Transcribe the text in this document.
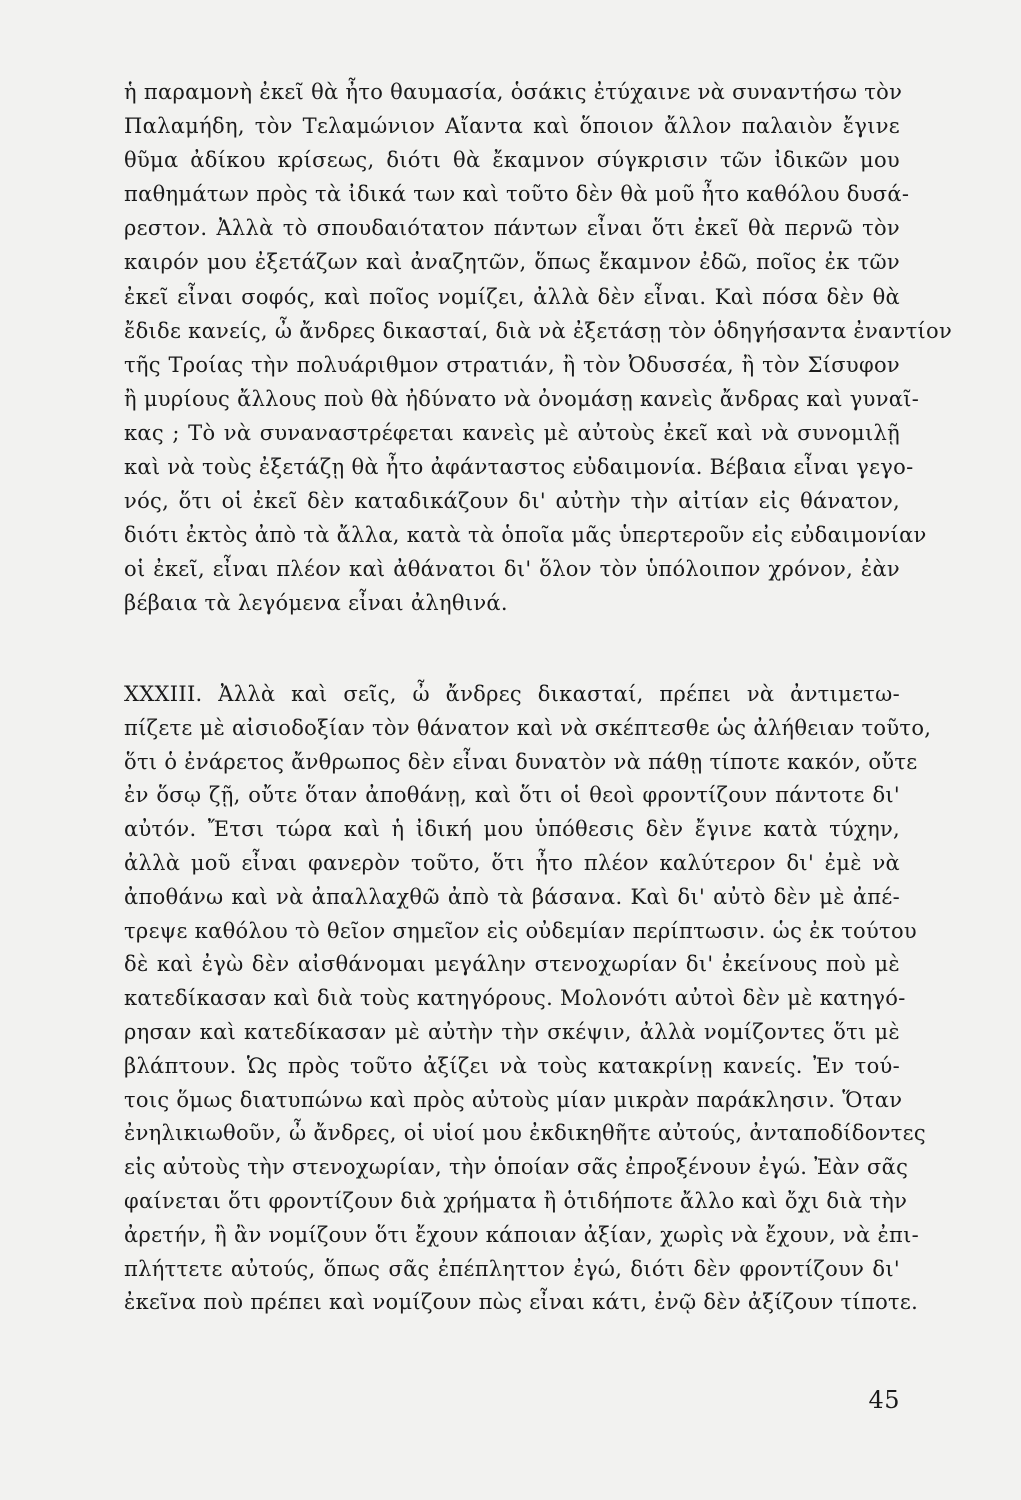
ἡ παραμονὴ ἐκεῖ θὰ ἦτο θαυμασία, ὁσάκις ἐτύχαινε νὰ συναντήσω τὸν
Παλαμήδη, τὸν Τελαμώνιον Αἴαντα καὶ ὅποιον ἄλλον παλαιὸν ἔγινε
θῦμα ἀδίκου κρίσεως, διότι θὰ ἔκαμνον σύγκρισιν τῶν ἰδικῶν μου
παθημάτων πρὸς τὰ ἰδικά των καὶ τοῦτο δὲν θὰ μοῦ ἦτο καθόλου δυσά-
ρεστον. Ἀλλὰ τὸ σπουδαιότατον πάντων εἶναι ὅτι ἐκεῖ θὰ περνῶ τὸν
καιρόν μου ἐξετάζων καὶ ἀναζητῶν, ὅπως ἔκαμνον ἐδῶ, ποῖος ἐκ τῶν
ἐκεῖ εἶναι σοφός, καὶ ποῖος νομίζει, ἀλλὰ δὲν εἶναι. Καὶ πόσα δὲν θὰ
ἔδιδε κανείς, ὦ ἄνδρες δικασταί, διὰ νὰ ἐξετάσῃ τὸν ὁδηγήσαντα ἐναντίον
τῆς Τροίας τὴν πολυάριθμον στρατιάν, ἢ τὸν Ὀδυσσέα, ἢ τὸν Σίσυφον
ἢ μυρίους ἄλλους ποὺ θὰ ἠδύνατο νὰ ὀνομάσῃ κανεὶς ἄνδρας καὶ γυναῖ-
κας ; Τὸ νὰ συναναστρέφεται κανεὶς μὲ αὐτοὺς ἐκεῖ καὶ νὰ συνομιλῇ
καὶ νὰ τοὺς ἐξετάζῃ θὰ ἦτο ἀφάνταστος εὐδαιμονία. Βέβαια εἶναι γεγο-
νός, ὅτι οἱ ἐκεῖ δὲν καταδικάζουν δι' αὐτὴν τὴν αἰτίαν εἰς θάνατον,
διότι ἐκτὸς ἀπὸ τὰ ἄλλα, κατὰ τὰ ὁποῖα μᾶς ὑπερτεροῦν εἰς εὐδαιμονίαν
οἱ ἐκεῖ, εἶναι πλέον καὶ ἀθάνατοι δι' ὅλον τὸν ὑπόλοιπον χρόνον, ἐὰν
βέβαια τὰ λεγόμενα εἶναι ἀληθινά.
XXXIII. Ἀλλὰ καὶ σεῖς, ὦ ἄνδρες δικασταί, πρέπει νὰ ἀντιμετω-
πίζετε μὲ αἰσιοδοξίαν τὸν θάνατον καὶ νὰ σκέπτεσθε ὡς ἀλήθειαν τοῦτο,
ὅτι ὁ ἐνάρετος ἄνθρωπος δὲν εἶναι δυνατὸν νὰ πάθῃ τίποτε κακόν, οὔτε
ἐν ὅσῳ ζῇ, οὔτε ὅταν ἀποθάνῃ, καὶ ὅτι οἱ θεοὶ φροντίζουν πάντοτε δι'
αὐτόν. Ἔτσι τώρα καὶ ἡ ἰδική μου ὑπόθεσις δὲν ἔγινε κατὰ τύχην,
ἀλλὰ μοῦ εἶναι φανερὸν τοῦτο, ὅτι ἦτο πλέον καλύτερον δι' ἐμὲ νὰ
ἀποθάνω καὶ νὰ ἀπαλλαχθῶ ἀπὸ τὰ βάσανα. Καὶ δι' αὐτὸ δὲν μὲ ἀπέ-
τρεψε καθόλου τὸ θεῖον σημεῖον εἰς οὐδεμίαν περίπτωσιν. ὡς ἐκ τούτου
δὲ καὶ ἐγὼ δὲν αἰσθάνομαι μεγάλην στενοχωρίαν δι' ἐκείνους ποὺ μὲ
κατεδίκασαν καὶ διὰ τοὺς κατηγόρους. Μολονότι αὐτοὶ δὲν μὲ κατηγό-
ρησαν καὶ κατεδίκασαν μὲ αὐτὴν τὴν σκέψιν, ἀλλὰ νομίζοντες ὅτι μὲ
βλάπτουν. Ὡς πρὸς τοῦτο ἀξίζει νὰ τοὺς κατακρίνῃ κανείς. Ἐν τού-
τοις ὅμως διατυπώνω καὶ πρὸς αὐτοὺς μίαν μικρὰν παράκλησιν. Ὅταν
ἐνηλικιωθοῦν, ὦ ἄνδρες, οἱ υἱοί μου ἐκδικηθῆτε αὐτούς, ἀνταποδίδοντες
εἰς αὐτοὺς τὴν στενοχωρίαν, τὴν ὁποίαν σᾶς ἐπροξένουν ἐγώ. Ἐὰν σᾶς
φαίνεται ὅτι φροντίζουν διὰ χρήματα ἢ ὁτιδήποτε ἄλλο καὶ ὄχι διὰ τὴν
ἀρετήν, ἢ ἂν νομίζουν ὅτι ἔχουν κάποιαν ἀξίαν, χωρὶς νὰ ἔχουν, νὰ ἐπι-
πλήττετε αὐτούς, ὅπως σᾶς ἐπέπληττον ἐγώ, διότι δὲν φροντίζουν δι'
ἐκεῖνα ποὺ πρέπει καὶ νομίζουν πὼς εἶναι κάτι, ἐνῷ δὲν ἀξίζουν τίποτε.
45
